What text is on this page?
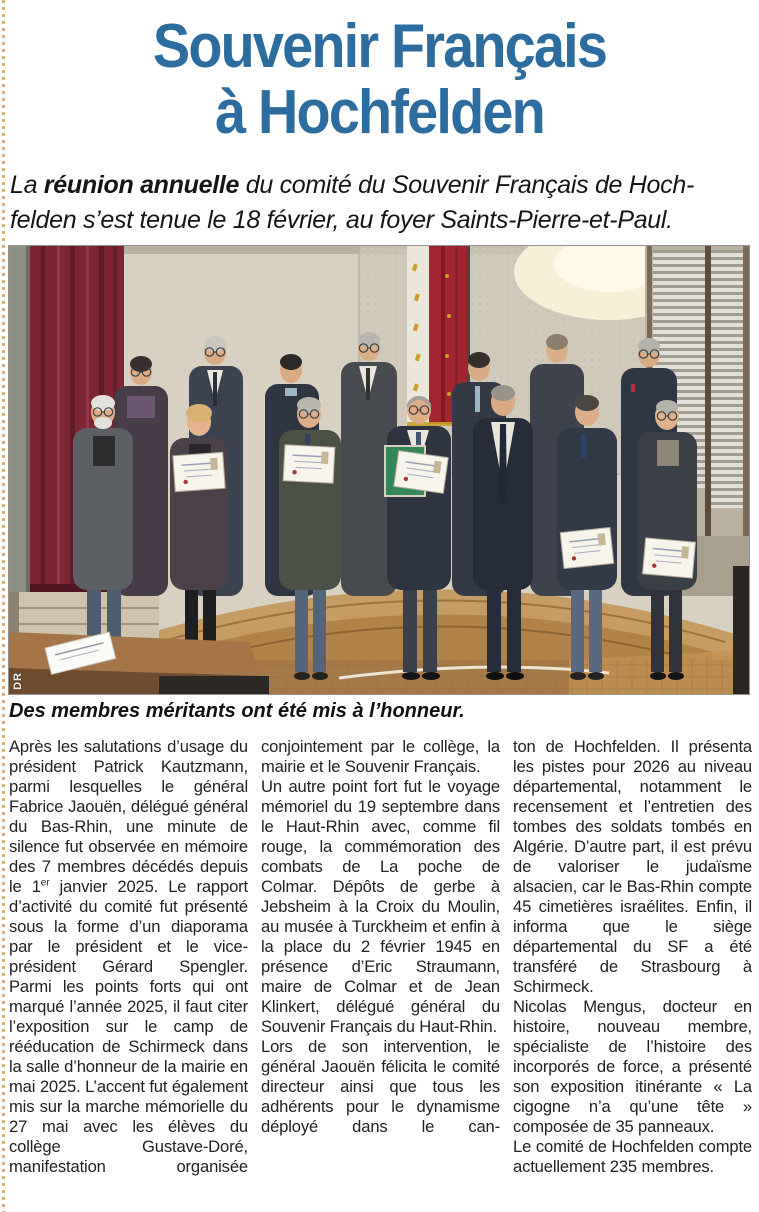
Souvenir Français
à Hochfelden
La réunion annuelle du comité du Souvenir Français de Hoch-
felden s’est tenue le 18 février, au foyer Saints-Pierre-et-Paul.
DR
Des membres méritants ont été mis à l’honneur.

Après les salutations d’usage du président Patrick Kautzmann, parmi lesquelles le général Fabrice Jaouën, délégué général du Bas-Rhin, une minute de silence fut observée en mémoire des 7 membres décédés depuis le 1er janvier 2025. Le rapport d’activité du comité fut présenté sous la forme d’un diaporama par le président et le vice-président Gérard Spengler. Parmi les points forts qui ont marqué l’année 2025, il faut citer l’exposition sur le camp de rééducation de Schirmeck dans la salle d’honneur de la mairie en mai 2025. L’accent fut également mis sur la marche mémorielle du 27 mai avec les élèves du collège Gustave-Doré, manifestation organisée

conjointement par le collège, la mairie et le Souvenir Français.

Un autre point fort fut le voyage mémoriel du 19 septembre dans le Haut-Rhin avec, comme fil rouge, la commémoration des combats de La poche de Colmar. Dépôts de gerbe à Jebsheim à la Croix du Moulin, au musée à Turckheim et enfin à la place du 2 février 1945 en présence d’Eric Straumann, maire de Colmar et de Jean Klinkert, délégué général du Souvenir Français du Haut-Rhin.

Lors de son intervention, le général Jaouën félicita le comité directeur ainsi que tous les adhérents pour le dynamisme déployé dans le can-

ton de Hochfelden. Il présenta les pistes pour 2026 au niveau départemental, notamment le recensement et l’entretien des tombes des soldats tombés en Algérie. D’autre part, il est prévu de valoriser le judaïsme alsacien, car le Bas-Rhin compte 45 cimetières israélites. Enfin, il informa que le siège départemental du SF a été transféré de Strasbourg à Schirmeck.

Nicolas Mengus, docteur en histoire, nouveau membre, spécialiste de l’histoire des incorporés de force, a présenté son exposition itinérante « La cigogne n’a qu’une tête » composée de 35 panneaux.

Le comité de Hochfelden compte actuellement 235 membres.
